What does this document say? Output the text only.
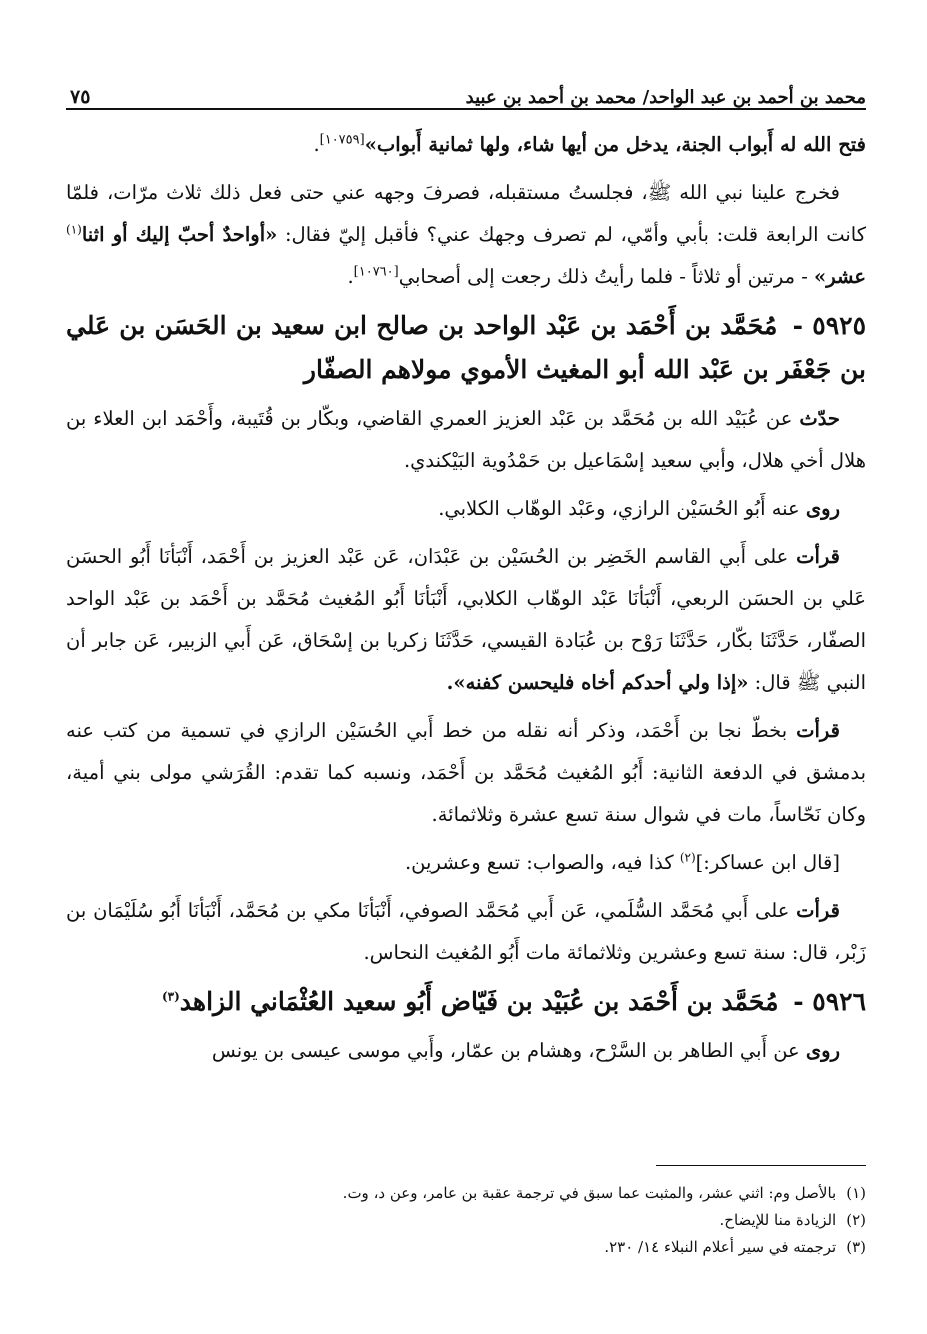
محمد بن أحمد بن عبد الواحد/ محمد بن أحمد بن عبيد
٧٥

فتح الله له أَبواب الجنة، يدخل من أيها شاء، ولها ثمانية أَبواب»[١٠٧٥٩].

فخرج علينا نبي الله ﷺ، فجلستُ مستقبله، فصرفَ وجهه عني حتى فعل ذلك ثلاث مرّات، فلمّا كانت الرابعة قلت: بأبي وأمّي، لم تصرف وجهك عني؟ فأقبل إليّ فقال: «أواحدٌ أحبّ إليك أو اثنا$^{(١)}$ عشر» - مرتين أو ثلاثاً - فلما رأيتُ ذلك رجعت إلى أصحابي[١٠٧٦٠].

٥٩٢٥ - مُحَمَّد بن أَحْمَد بن عَبْد الواحد بن صالح ابن سعيد بن الحَسَن بن عَلي بن جَعْفَر بن عَبْد الله أبو المغيث الأموي مولاهم الصفّار

حدّث عن عُبَيْد الله بن مُحَمَّد بن عَبْد العزيز العمري القاضي، وبكّار بن قُتَيبة، وأَحْمَد ابن العلاء بن هلال أخي هلال، وأبي سعيد إسْمَاعيل بن حَمْدُوية البَيْكندي.

روى عنه أَبُو الحُسَيْن الرازي، وعَبْد الوهّاب الكلابي.

قرأت على أَبي القاسم الخَضِر بن الحُسَيْن بن عَبْدَان، عَن عَبْد العزيز بن أَحْمَد، أَنْبَأنَا أَبُو الحسَن عَلي بن الحسَن الربعي، أَنْبَأنَا عَبْد الوهّاب الكلابي، أَنْبَأنَا أَبُو المُغيث مُحَمَّد بن أَحْمَد بن عَبْد الواحد الصفّار، حَدَّثَنَا بكّار، حَدَّثَنَا رَوْح بن عُبَادة القيسي، حَدَّثَنَا زكريا بن إسْحَاق، عَن أَبي الزبير، عَن جابر أن النبي ﷺ قال: «إذا ولي أحدكم أخاه فليحسن كفنه».

قرأت بخطّ نجا بن أَحْمَد، وذكر أنه نقله من خط أَبي الحُسَيْن الرازي في تسمية من كتب عنه بدمشق في الدفعة الثانية: أَبُو المُغيث مُحَمَّد بن أَحْمَد، ونسبه كما تقدم: القُرَشي مولى بني أمية، وكان نَحّاساً، مات في شوال سنة تسع عشرة وثلاثمائة.

[قال ابن عساكر:]$^{(٢)}$ كذا فيه، والصواب: تسع وعشرين.

قرأت على أَبي مُحَمَّد السُّلَمي، عَن أَبي مُحَمَّد الصوفي، أَنْبَأنَا مكي بن مُحَمَّد، أَنْبَأنَا أَبُو سُلَيْمَان بن زَبْر، قال: سنة تسع وعشرين وثلاثمائة مات أَبُو المُغيث النحاس.

٥٩٢٦ - مُحَمَّد بن أَحْمَد بن عُبَيْد بن فَيّاض أَبُو سعيد العُثْمَاني الزاهد$^{(٣)}$

روى عن أَبي الطاهر بن السَّرْح، وهشام بن عمّار، وأَبي موسى عيسى بن يونس

(١)بالأصل وم: اثني عشر، والمثبت عما سبق في ترجمة عقبة بن عامر، وعن د، وت.
(٢)الزيادة منا للإيضاح.
(٣)ترجمته في سير أعلام النبلاء ١٤/ ٢٣٠.
